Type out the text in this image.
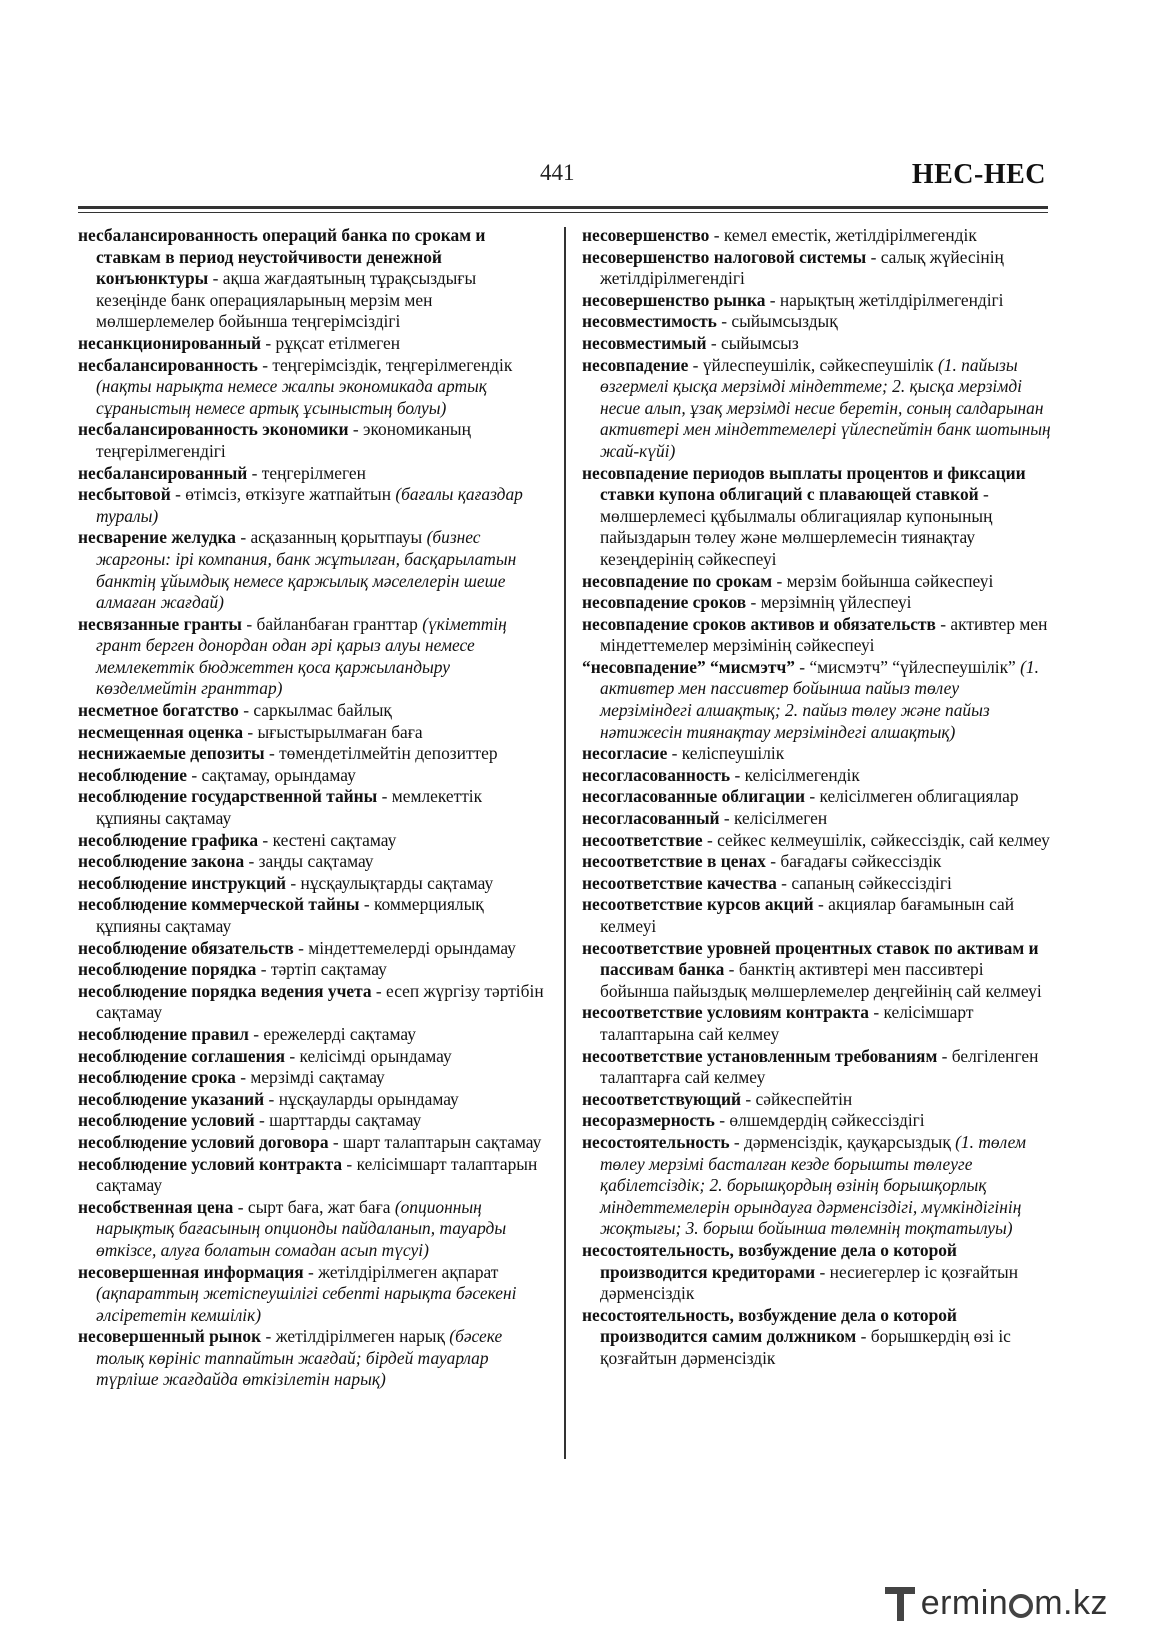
441	НЕС-НЕС

несбалансированность операций банка по срокам и ставкам в период неустойчивости денежной конъюнктуры - ақша жағдаятының тұрақсыздығы кезеңінде банк операцияларының мерзім мен мөлшерлемелер бойынша теңгерімсіздігі

несанкционированный - рұқсат етілмеген

несбалансированность - теңгерімсіздік, теңгерілмегендік (нақты нарықта немесе жалпы экономикада артық сұраныстың немесе артық ұсыныстың болуы)

несбалансированность экономики - экономиканың теңгерілмегендігі

несбалансированный - теңгерілмеген

несбытовой - өтімсіз, өткізуге жатпайтын (бағалы қағаздар туралы)

несварение желудка - асқазанның қорытпауы (бизнес жаргоны: ірі компания, банк жұтылған, басқарылатын банктің ұйымдық немесе қаржылық мәселелерін шеше алмаған жағдай)

несвязанные гранты - байланбаған гранттар (үкіметтің грант берген донордан одан әрі қарыз алуы немесе мемлекеттік бюджеттен қоса қаржыландыру көзделмейтін гранттар)

несметное богатство - саркылмас байлық

несмещенная оценка - ығыстырылмаған баға

неснижаемые депозиты - төмендетілмейтін депозиттер

несоблюдение - сақтамау, орындамау

несоблюдение государственной тайны - мемлекеттік құпияны сақтамау

несоблюдение графика - кестені сақтамау

несоблюдение закона - заңды сақтамау

несоблюдение инструкций - нұсқаулықтарды сақтамау

несоблюдение коммерческой тайны - коммерциялық құпияны сақтамау

несоблюдение обязательств - міндеттемелерді орындамау

несоблюдение порядка - тәртіп сақтамау

несоблюдение порядка ведения учета - есеп жүргізу тәртібін сақтамау

несоблюдение правил - ережелерді сақтамау

несоблюдение соглашения - келісімді орындамау

несоблюдение срока - мерзімді сақтамау

несоблюдение указаний - нұсқауларды орындамау

несоблюдение условий - шарттарды сақтамау

несоблюдение условий договора - шарт талаптарын сақтамау

несоблюдение условий контракта - келісімшарт талаптарын сақтамау

несобственная цена - сырт баға, жат баға (опционның нарықтық бағасының опционды пайдаланып, тауарды өткізсе, алуға болатын сомадан асып түсуі)

несовершенная информация - жетілдірілмеген ақпарат (ақпараттың жетіспеушілігі себепті нарықта бәсекені әлсірететін кемшілік)

несовершенный рынок - жетілдірілмеген нарық (бәсеке толық көрініс таппайтын жағдай; бірдей тауарлар түрліше жағдайда өткізілетін нарық)

несовершенство - кемел еместік, жетілдірілмегендік

несовершенство налоговой системы - салық жүйесінің жетілдірілмегендігі

несовершенство рынка - нарықтың жетілдірілмегендігі

несовместимость - сыйымсыздық

несовместимый - сыйымсыз

несовпадение - үйлеспеушілік, сәйкеспеушілік (1. пайызы өзгермелі қысқа мерзімді міндеттеме; 2. қысқа мерзімді несие алып, ұзақ мерзімді несие беретін, соның салдарынан активтері мен міндеттемелері үйлеспейтін банк шотының жай-күйі)

несовпадение периодов выплаты процентов и фиксации ставки купона облигаций с плавающей ставкой - мөлшерлемесі құбылмалы облигациялар купонының пайыздарын төлеу және мөлшерлемесін тиянақтау кезеңдерінің сәйкеспеуі

несовпадение по срокам - мерзім бойынша сәйкеспеуі

несовпадение сроков - мерзімнің үйлеспеуі

несовпадение сроков активов и обязательств - активтер мен міндеттемелер мерзімінің сәйкеспеуі

“несовпадение” “мисмэтч” - “мисмэтч” “үйлеспеушілік” (1. активтер мен пассивтер бойынша пайыз төлеу мерзіміндегі алшақтық; 2. пайыз төлеу және пайыз нәтижесін тиянақтау мерзіміндегі алшақтық)

несогласие - келіспеушілік

несогласованность - келісілмегендік

несогласованные облигации - келісілмеген облигациялар

несогласованный - келісілмеген

несоответствие - сейкес келмеушілік, сәйкессіздік, сай келмеу

несоответствие в ценах - бағадағы сәйкессіздік

несоответствие качества - сапаның сәйкессіздігі

несоответствие курсов акций - акциялар бағамынын сай келмеуі

несоответствие уровней процентных ставок по активам и пассивам банка - банктің активтері мен пассивтері бойынша пайыздық мөлшерлемелер деңгейінің сай келмеуі

несоответствие условиям контракта - келісімшарт талаптарына сай келмеу

несоответствие установленным требованиям - белгіленген талаптарға сай келмеу

несоответствующий - сәйкеспейтін

несоразмерность - өлшемдердің сәйкессіздігі

несостоятельность - дәрменсіздік, қауқарсыздық (1. төлем төлеу мерзімі басталған кезде борышты төлеуге қабілетсіздік; 2. борышқордың өзінің борышқорлық міндеттемелерін орындауға дәрменсіздігі, мүмкіндігінің жоқтығы; 3. борыш бойынша төлемнің тоқтатылуы)

несостоятельность, возбуждение дела о которой производится кредиторами - несиегерлер іс қозғайтын дәрменсіздік

несостоятельность, возбуждение дела о которой производится самим должником - борышкердің өзі іс қозғайтын дәрменсіздік

ermin m.kz
